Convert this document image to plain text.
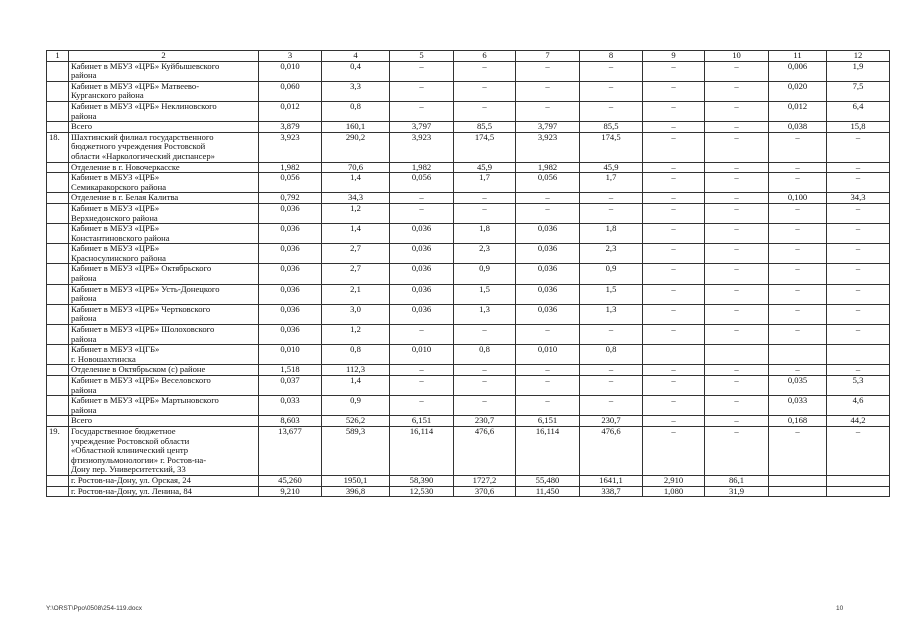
1	2	3	4	5	6	7	8	9	10	11	12

	Кабинет в МБУЗ «ЦРБ» Куйбышевского
района	0,010	0,4	–	–	–	–	–	–	0,006	1,9

	Кабинет в МБУЗ «ЦРБ» Матвеево-
Курганского района	0,060	3,3	–	–	–	–	–	–	0,020	7,5

	Кабинет в МБУЗ «ЦРБ» Неклиновского
района	0,012	0,8	–	–	–	–	–	–	0,012	6,4

	Всего	3,879	160,1	3,797	85,5	3,797	85,5	–	–	0,038	15,8
18.	Шахтинский филиал государственного
бюджетного учреждения Ростовской
области «Наркологический диспансер»	3,923	290,2	3,923	174,5	3,923	174,5	–	–	–	–

	Отделение в г. Новочеркасске	1,982	70,6	1,982	45,9	1,982	45,9	–	–	–	–

	Кабинет в МБУЗ «ЦРБ»
Семикаракорского района	0,056	1,4	0,056	1,7	0,056	1,7	–	–	–	–

	Отделение в г. Белая Калитва	0,792	34,3	–	–	–	–	–	–	0,100	34,3

	Кабинет в МБУЗ «ЦРБ»
Верхнедонского района	0,036	1,2	–	–	–	–	–	–	–	–

	Кабинет в МБУЗ «ЦРБ»
Константиновского района	0,036	1,4	0,036	1,8	0,036	1,8	–	–	–	–

	Кабинет в МБУЗ «ЦРБ»
Красносулинского района	0,036	2,7	0,036	2,3	0,036	2,3	–	–	–	–

	Кабинет в МБУЗ «ЦРБ» Октябрьского
района	0,036	2,7	0,036	0,9	0,036	0,9	–	–	–	–

	Кабинет в МБУЗ «ЦРБ» Усть-Донецкого
района	0,036	2,1	0,036	1,5	0,036	1,5	–	–	–	–

	Кабинет в МБУЗ «ЦРБ» Чертковского
района	0,036	3,0	0,036	1,3	0,036	1,3	–	–	–	–

	Кабинет в МБУЗ «ЦРБ» Шолоховского
района	0,036	1,2	–	–	–	–	–	–	–	–

	Кабинет в МБУЗ «ЦГБ»
г. Новошахтинска	0,010	0,8	0,010	0,8	0,010	0,8				

	Отделение в Октябрьском (с) районе	1,518	112,3	–	–	–	–	–	–	–	–

	Кабинет в МБУЗ «ЦРБ» Веселовского
района	0,037	1,4	–	–	–	–	–	–	0,035	5,3

	Кабинет в МБУЗ «ЦРБ» Мартыновского
района	0,033	0,9	–	–	–	–	–	–	0,033	4,6

	Всего	8,603	526,2	6,151	230,7	6,151	230,7	–	–	0,168	44,2
19.	Государственное бюджетное
учреждение Ростовской области
«Областной клинический центр
фтизиопульмонологии» г. Ростов-на-
Дону пер. Университетский, 33	13,677	589,3	16,114	476,6	16,114	476,6	–	–	–	–

	г. Ростов-на-Дону, ул. Орская, 24	45,260	1950,1	58,390	1727,2	55,480	1641,1	2,910	86,1		

	г. Ростов-на-Дону, ул. Ленина, 84	9,210	396,8	12,530	370,6	11,450	338,7	1,080	31,9		
Y:\ORST\Ppo\0508\254-119.docx	10
